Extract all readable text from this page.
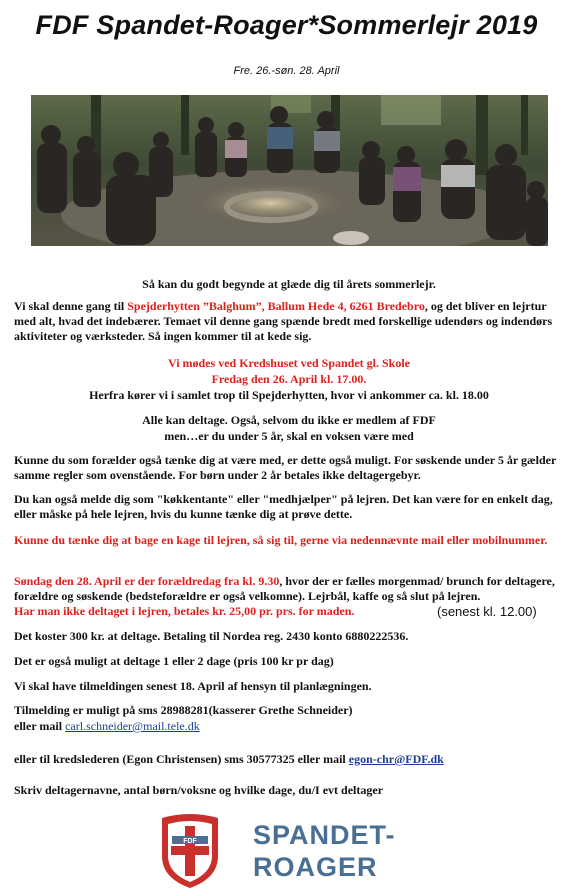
FDF Spandet-Roager*Sommerlejr 2019
Fre. 26.-søn. 28. April

Så kan du godt begynde at glæde dig til årets sommerlejr.

Vi skal denne gang til Spejderhytten ”Balghum”, Ballum Hede 4, 6261 Bredebro, og det bliver en lejrtur med alt, hvad det indebærer. Temaet vil denne gang spænde bredt med forskellige udendørs og indendørs aktiviteter og værksteder. Så ingen kommer til at kede sig.

Vi mødes ved Kredshuset ved Spandet gl. Skole

Fredag den 26. April kl. 17.00.

Herfra kører vi i samlet trop til Spejderhytten, hvor vi ankommer ca. kl. 18.00

Alle kan deltage. Også, selvom du ikke er medlem af FDF

men…er du under 5 år, skal en voksen være med

Kunne du som forælder også tænke dig at være med, er dette også muligt. For søskende under 5 år gælder samme regler som ovenstående. For børn under 2 år betales ikke deltagergebyr.

Du kan også melde dig som "køkkentante" eller "medhjælper" på lejren. Det kan være for en enkelt dag, eller måske på hele lejren, hvis du kunne tænke dig at prøve dette.

Kunne du tænke dig at bage en kage til lejren, så sig til, gerne via nedennævnte mail eller mobilnummer.

Søndag den 28. April er der forældredag fra kl. 9.30, hvor der er fælles morgenmad/ brunch for deltagere, forældre og søskende (bedsteforældre er også velkomne). Lejrbål, kaffe og så slut på lejren.
Har man ikke deltaget i lejren, betales kr. 25,00 pr. prs. for maden.

Det koster 300 kr. at deltage. Betaling til Nordea reg. 2430 konto 6880222536.

Det er også muligt at deltage 1 eller 2 dage (pris 100 kr pr dag)

Vi skal have tilmeldingen senest 18. April af hensyn til planlægningen.

Tilmelding er muligt på sms 28988281(kasserer Grethe Schneider)

eller mail carl.schneider@mail.tele.dk

eller til kredslederen (Egon Christensen) sms 30577325 eller mail egon-chr@FDF.dk

Skriv deltagernavne, antal børn/voksne og hvilke dage, du/I evt deltager

(senest kl. 12.00)
FDF SPANDET-
ROAGER
